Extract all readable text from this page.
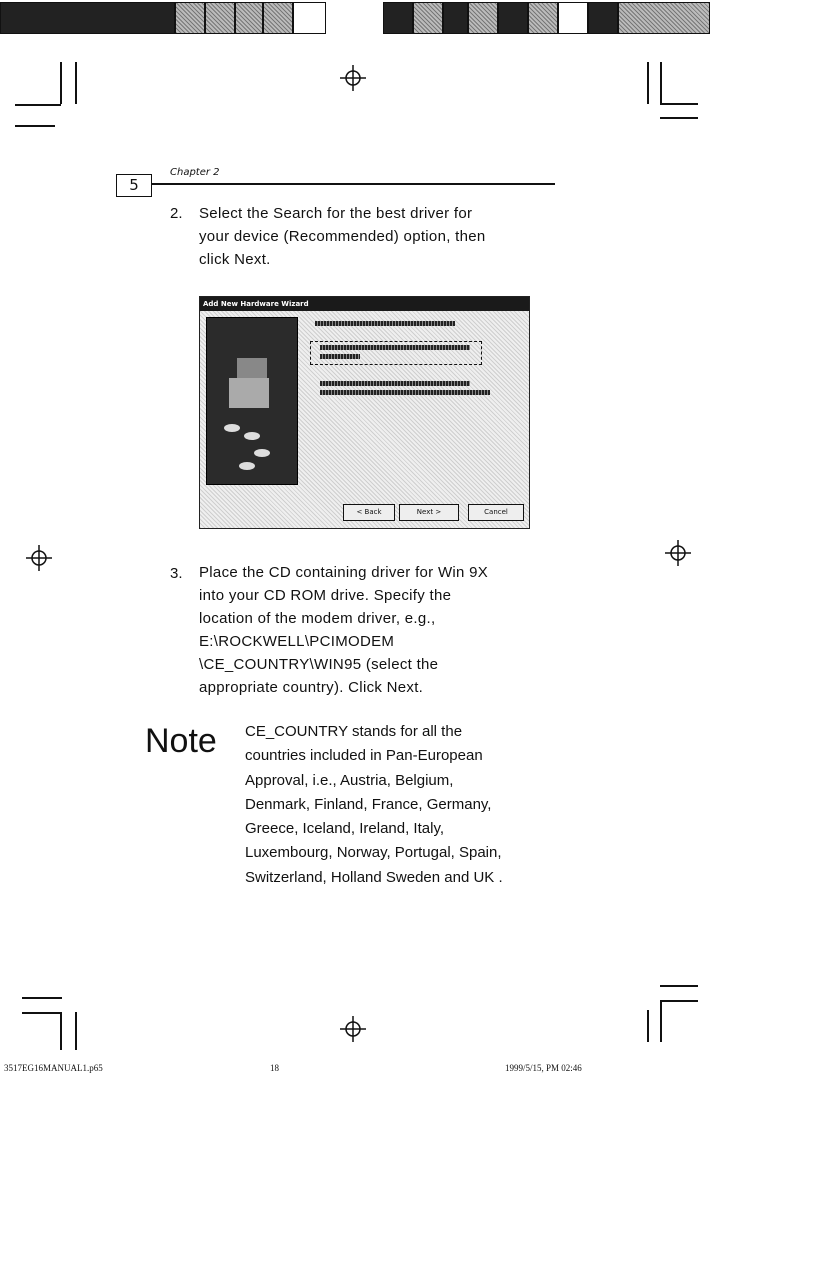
5
Chapter 2
2. Select the Search for the best driver for
your device (Recommended) option, then
click Next.
Add New Hardware Wizard
< Back	Next >	Cancel
3. Place the CD containing driver for Win 9X
into your CD ROM drive. Specify the
location of the modem driver, e.g.,
E:\ROCKWELL\PCIMODEM
\CE_COUNTRY\WIN95 (select the
appropriate country). Click Next.
Note CE_COUNTRY stands for all the
countries included in Pan-European
Approval, i.e., Austria, Belgium,
Denmark, Finland, France, Germany,
Greece, Iceland, Ireland, Italy,
Luxembourg, Norway, Portugal, Spain,
Switzerland, Holland Sweden and UK .
3517EG16MANUAL1.p65	18	1999/5/15, PM 02:46
